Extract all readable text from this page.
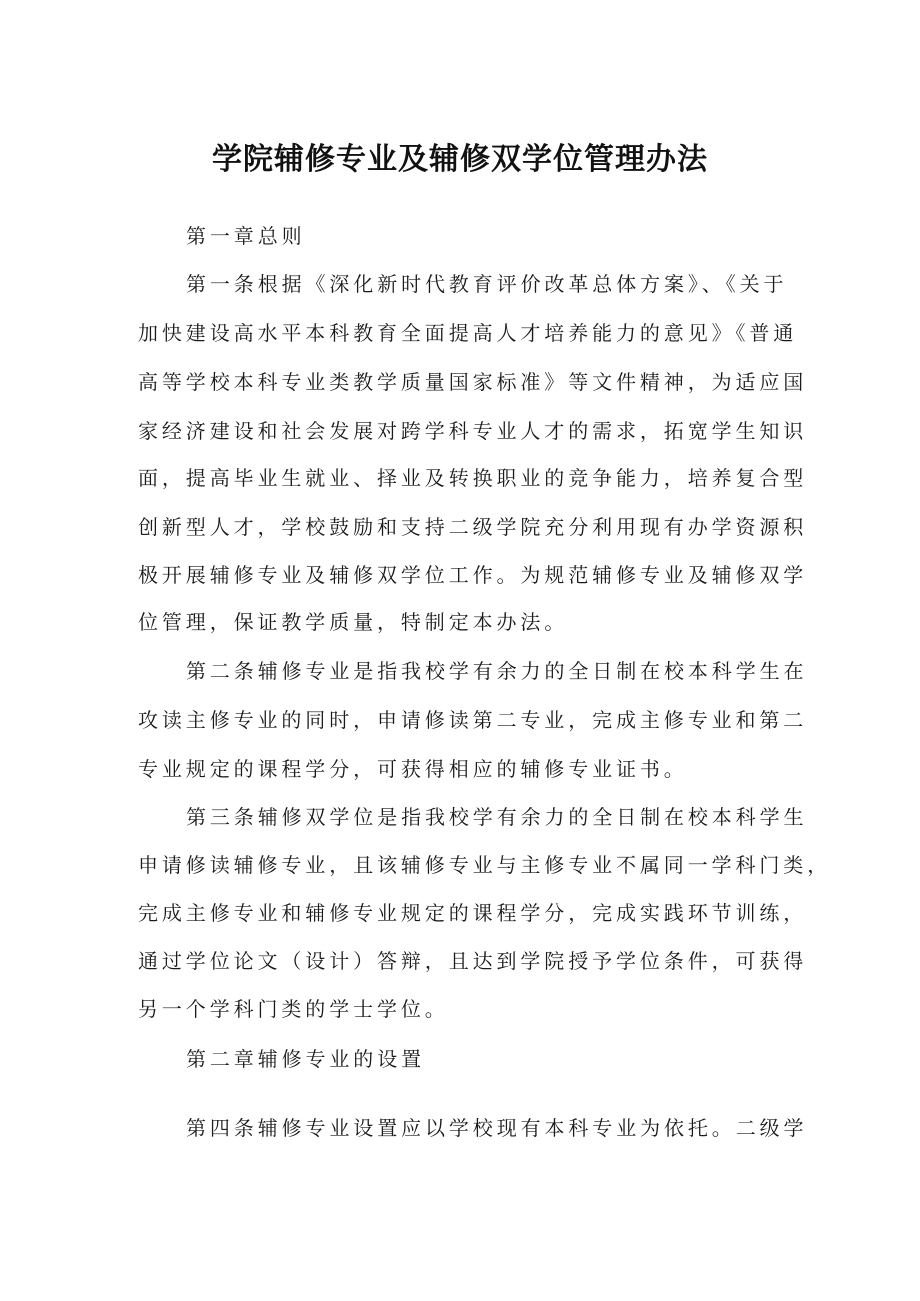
学院辅修专业及辅修双学位管理办法
第一章总则
第一条根据《深化新时代教育评价改革总体方案》、《关于
加快建设高水平本科教育全面提高人才培养能力的意见》《普通
高等学校本科专业类教学质量国家标准》等文件精神，为适应国
家经济建设和社会发展对跨学科专业人才的需求，拓宽学生知识
面，提高毕业生就业、择业及转换职业的竞争能力，培养复合型
创新型人才，学校鼓励和支持二级学院充分利用现有办学资源积
极开展辅修专业及辅修双学位工作。为规范辅修专业及辅修双学
位管理，保证教学质量，特制定本办法。
第二条辅修专业是指我校学有余力的全日制在校本科学生在
攻读主修专业的同时，申请修读第二专业，完成主修专业和第二
专业规定的课程学分，可获得相应的辅修专业证书。
第三条辅修双学位是指我校学有余力的全日制在校本科学生
申请修读辅修专业，且该辅修专业与主修专业不属同一学科门类，
完成主修专业和辅修专业规定的课程学分，完成实践环节训练，
通过学位论文（设计）答辩，且达到学院授予学位条件，可获得
另一个学科门类的学士学位。
第二章辅修专业的设置
第四条辅修专业设置应以学校现有本科专业为依托。二级学
